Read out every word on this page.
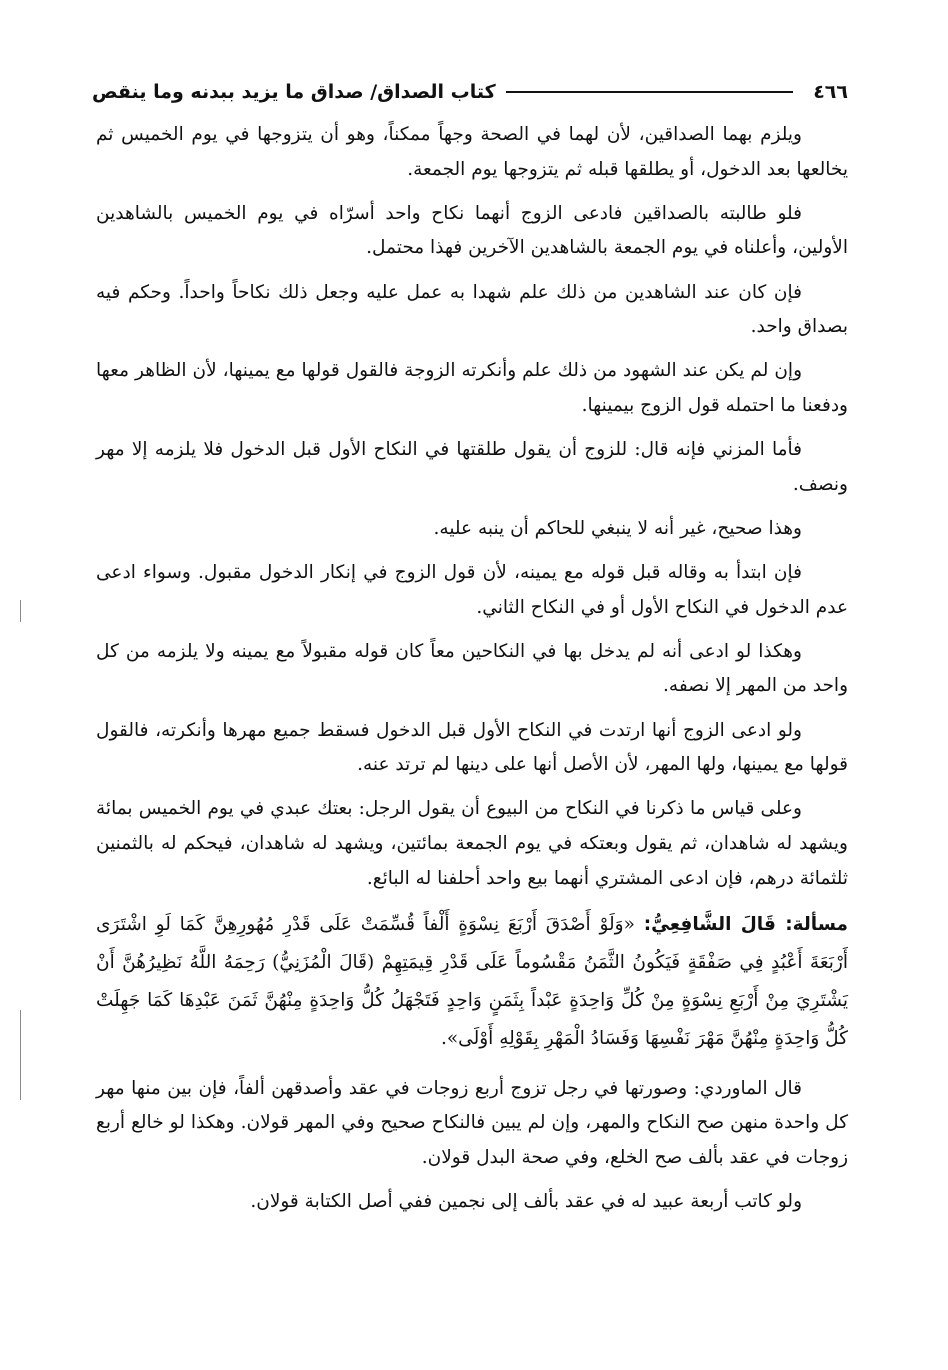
٤٦٦
كتاب الصداق/ صداق ما يزيد ببدنه وما ينقص

ويلزم بهما الصداقين، لأن لهما في الصحة وجهاً ممكناً، وهو أن يتزوجها في يوم الخميس ثم يخالعها بعد الدخول، أو يطلقها قبله ثم يتزوجها يوم الجمعة.

فلو طالبته بالصداقين فادعى الزوج أنهما نكاح واحد أسرّاه في يوم الخميس بالشاهدين الأولين، وأعلناه في يوم الجمعة بالشاهدين الآخرين فهذا محتمل.

فإن كان عند الشاهدين من ذلك علم شهدا به عمل عليه وجعل ذلك نكاحاً واحداً. وحكم فيه بصداق واحد.

وإن لم يكن عند الشهود من ذلك علم وأنكرته الزوجة فالقول قولها مع يمينها، لأن الظاهر معها ودفعنا ما احتمله قول الزوج بيمينها.

فأما المزني فإنه قال: للزوج أن يقول طلقتها في النكاح الأول قبل الدخول فلا يلزمه إلا مهر ونصف.

وهذا صحيح، غير أنه لا ينبغي للحاكم أن ينبه عليه.

فإن ابتدأ به وقاله قبل قوله مع يمينه، لأن قول الزوج في إنكار الدخول مقبول. وسواء ادعى عدم الدخول في النكاح الأول أو في النكاح الثاني.

وهكذا لو ادعى أنه لم يدخل بها في النكاحين معاً كان قوله مقبولاً مع يمينه ولا يلزمه من كل واحد من المهر إلا نصفه.

ولو ادعى الزوج أنها ارتدت في النكاح الأول قبل الدخول فسقط جميع مهرها وأنكرته، فالقول قولها مع يمينها، ولها المهر، لأن الأصل أنها على دينها لم ترتد عنه.

وعلى قياس ما ذكرنا في النكاح من البيوع أن يقول الرجل: بعتك عبدي في يوم الخميس بمائة ويشهد له شاهدان، ثم يقول وبعتكه في يوم الجمعة بمائتين، ويشهد له شاهدان، فيحكم له بالثمنين ثلثمائة درهم، فإن ادعى المشتري أنهما بيع واحد أحلفنا له البائع.

مسألة: قَالَ الشَّافِعِيُّ: «وَلَوْ أَصْدَقَ أَرْبَعَ نِسْوَةٍ أَلْفاً قُسِّمَتْ عَلَى قَدْرِ مُهُورِهِنَّ كَمَا لَوِ اشْتَرَى أَرْبَعَةَ أَعْبُدٍ فِي صَفْقَةٍ فَيَكُونُ الثَّمَنُ مَقْسُوماً عَلَى قَدْرِ قِيمَتِهِمْ (قَالَ الْمُزَنِيُّ) رَحِمَهُ اللَّهُ نَظِيرُهُنَّ أَنْ يَشْتَرِيَ مِنْ أَرْبَعِ نِسْوَةٍ مِنْ كُلِّ وَاحِدَةٍ عَبْداً بِثَمَنٍ وَاحِدٍ فَتَجْهَلُ كُلُّ وَاحِدَةٍ مِنْهُنَّ ثَمَنَ عَبْدِهَا كَمَا جَهِلَتْ كُلُّ وَاحِدَةٍ مِنْهُنَّ مَهْرَ نَفْسِهَا وَفَسَادُ الْمَهْرِ بِقَوْلِهِ أَوْلَى».

قال الماوردي: وصورتها في رجل تزوج أربع زوجات في عقد وأصدقهن ألفاً، فإن بين منها مهر كل واحدة منهن صح النكاح والمهر، وإن لم يبين فالنكاح صحيح وفي المهر قولان. وهكذا لو خالع أربع زوجات في عقد بألف صح الخلع، وفي صحة البدل قولان.

ولو كاتب أربعة عبيد له في عقد بألف إلى نجمين ففي أصل الكتابة قولان.
